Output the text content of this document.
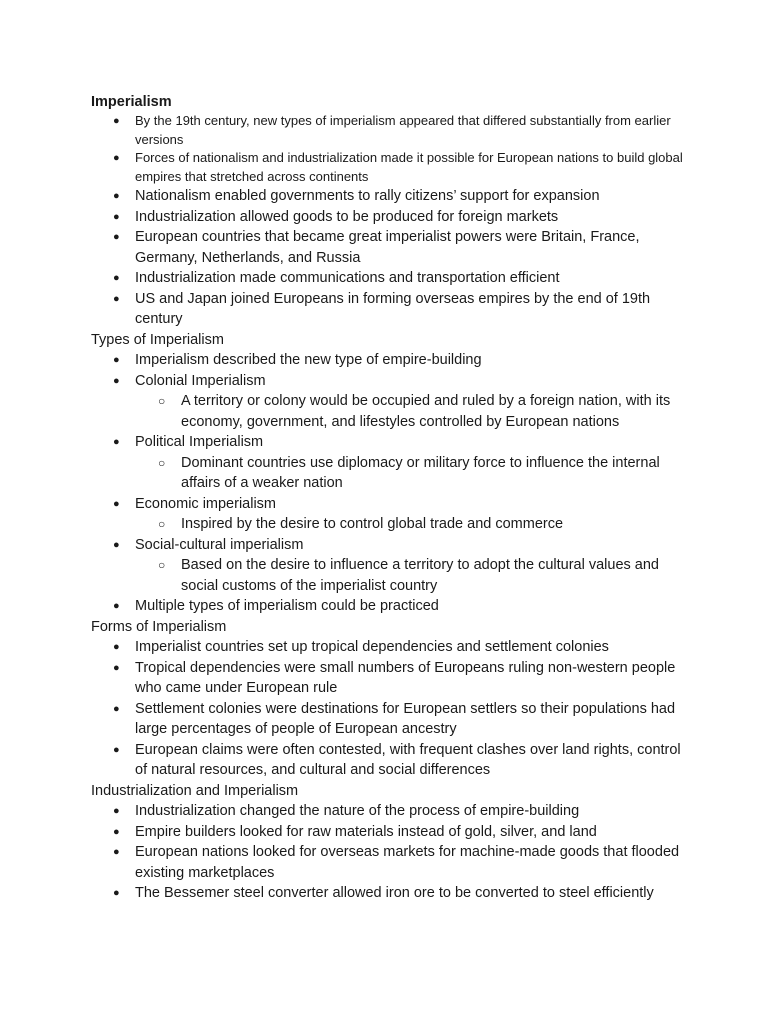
Imperialism
● By the 19th century, new types of imperialism appeared that differed substantially from earlier versions
● Forces of nationalism and industrialization made it possible for European nations to build global empires that stretched across continents
● Nationalism enabled governments to rally citizens’ support for expansion
● Industrialization allowed goods to be produced for foreign markets
● European countries that became great imperialist powers were Britain, France, Germany, Netherlands, and Russia
● Industrialization made communications and transportation efficient
● US and Japan joined Europeans in forming overseas empires by the end of 19th century

Types of Imperialism

● Imperialism described the new type of empire-building
● Colonial Imperialism
○ A territory or colony would be occupied and ruled by a foreign nation, with its economy, government, and lifestyles controlled by European nations
● Political Imperialism
○ Dominant countries use diplomacy or military force to influence the internal affairs of a weaker nation
● Economic imperialism
○ Inspired by the desire to control global trade and commerce
● Social-cultural imperialism
○ Based on the desire to influence a territory to adopt the cultural values and social customs of the imperialist country
● Multiple types of imperialism could be practiced

Forms of Imperialism

● Imperialist countries set up tropical dependencies and settlement colonies
● Tropical dependencies were small numbers of Europeans ruling non-western people who came under European rule
● Settlement colonies were destinations for European settlers so their populations had large percentages of people of European ancestry
● European claims were often contested, with frequent clashes over land rights, control of natural resources, and cultural and social differences

Industrialization and Imperialism

● Industrialization changed the nature of the process of empire-building
● Empire builders looked for raw materials instead of gold, silver, and land
● European nations looked for overseas markets for machine-made goods that flooded existing marketplaces
● The Bessemer steel converter allowed iron ore to be converted to steel efficiently
